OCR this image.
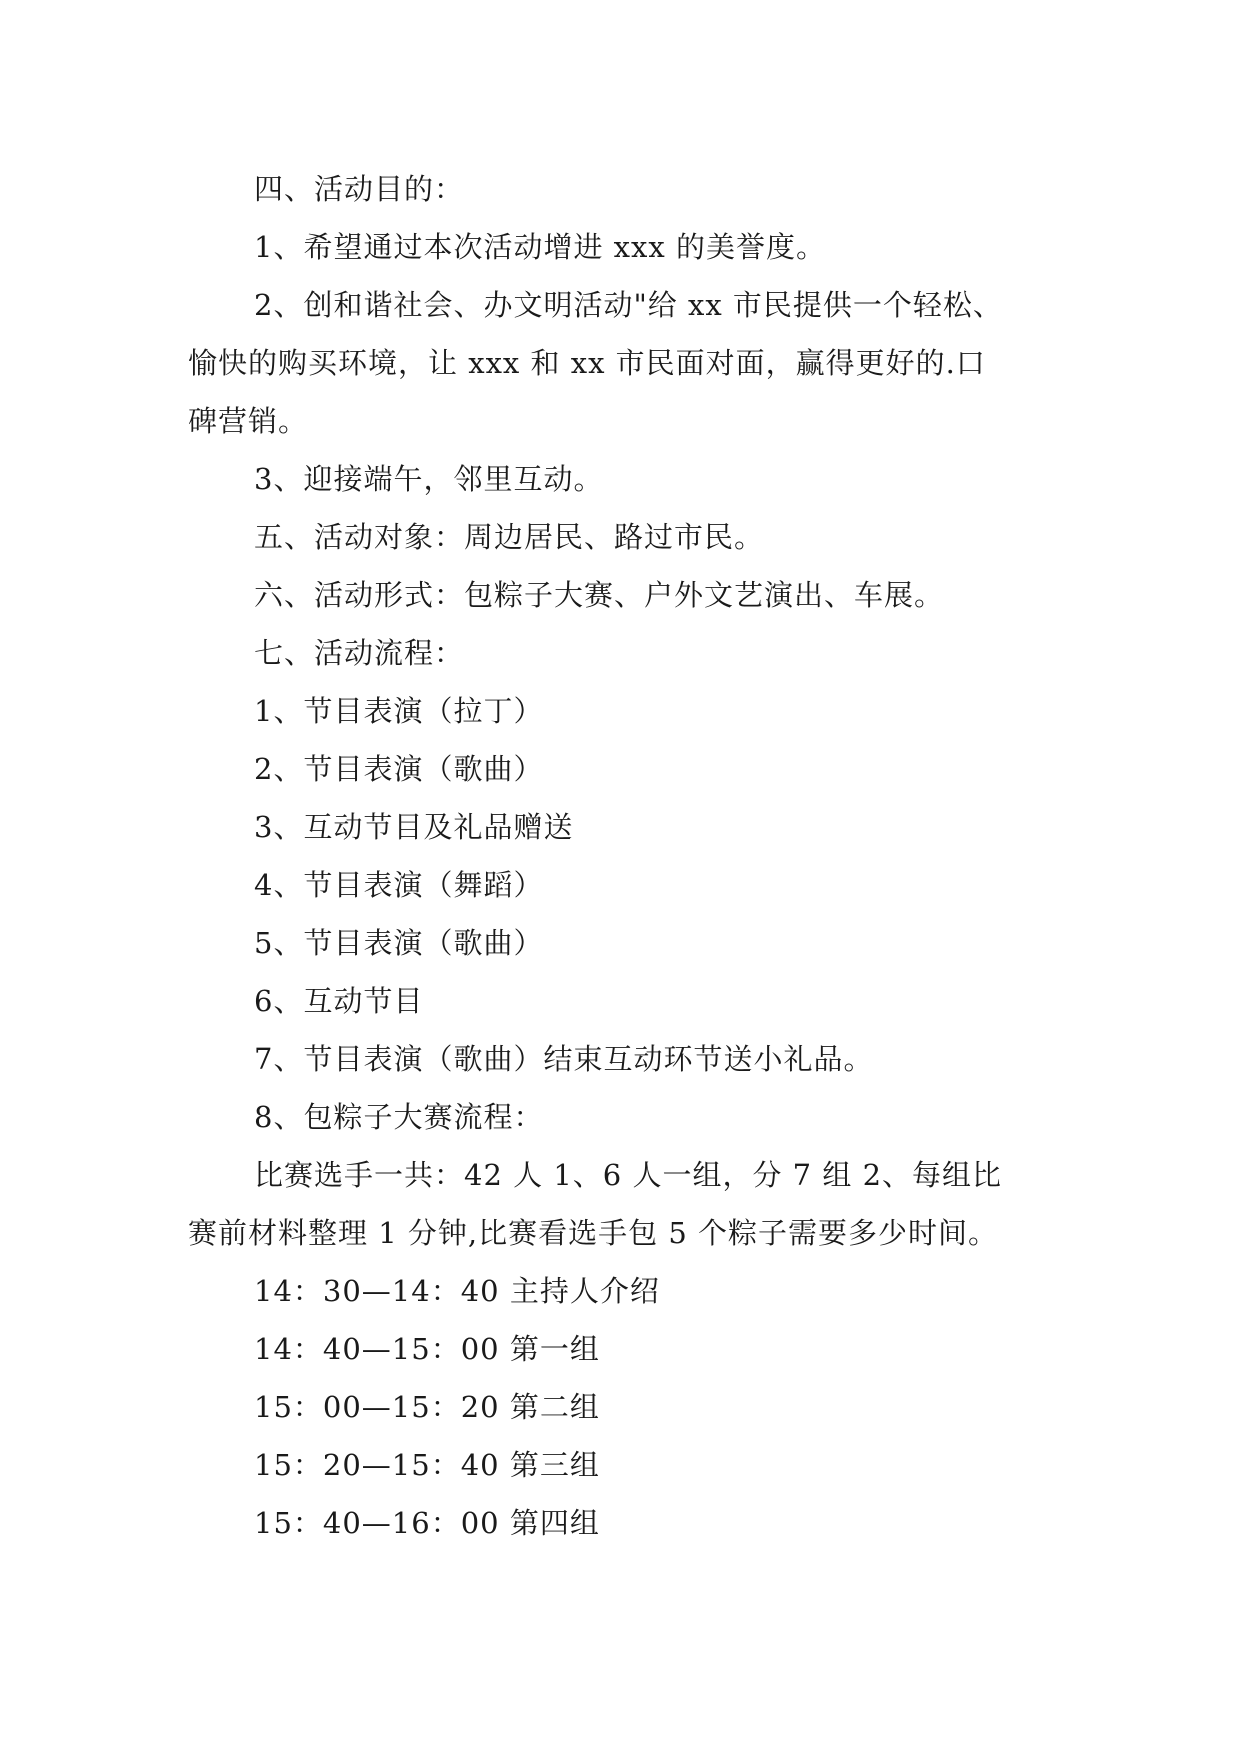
四、活动目的：
1、希望通过本次活动增进 xxx 的美誉度。
2、创和谐社会、办文明活动"给 xx 市民提供一个轻松、
愉快的购买环境，让 xxx 和 xx 市民面对面，赢得更好的.口
碑营销。
3、迎接端午，邻里互动。
五、活动对象：周边居民、路过市民。
六、活动形式：包粽子大赛、户外文艺演出、车展。
七、活动流程：
1、节目表演（拉丁）
2、节目表演（歌曲）
3、互动节目及礼品赠送
4、节目表演（舞蹈）
5、节目表演（歌曲）
6、互动节目
7、节目表演（歌曲）结束互动环节送小礼品。
8、包粽子大赛流程：
比赛选手一共：42 人 1、6 人一组，分 7 组 2、每组比
赛前材料整理 1 分钟,比赛看选手包 5 个粽子需要多少时间。
14：30—14：40 主持人介绍
14：40—15：00 第一组
15：00—15：20 第二组
15：20—15：40 第三组
15：40—16：00 第四组
